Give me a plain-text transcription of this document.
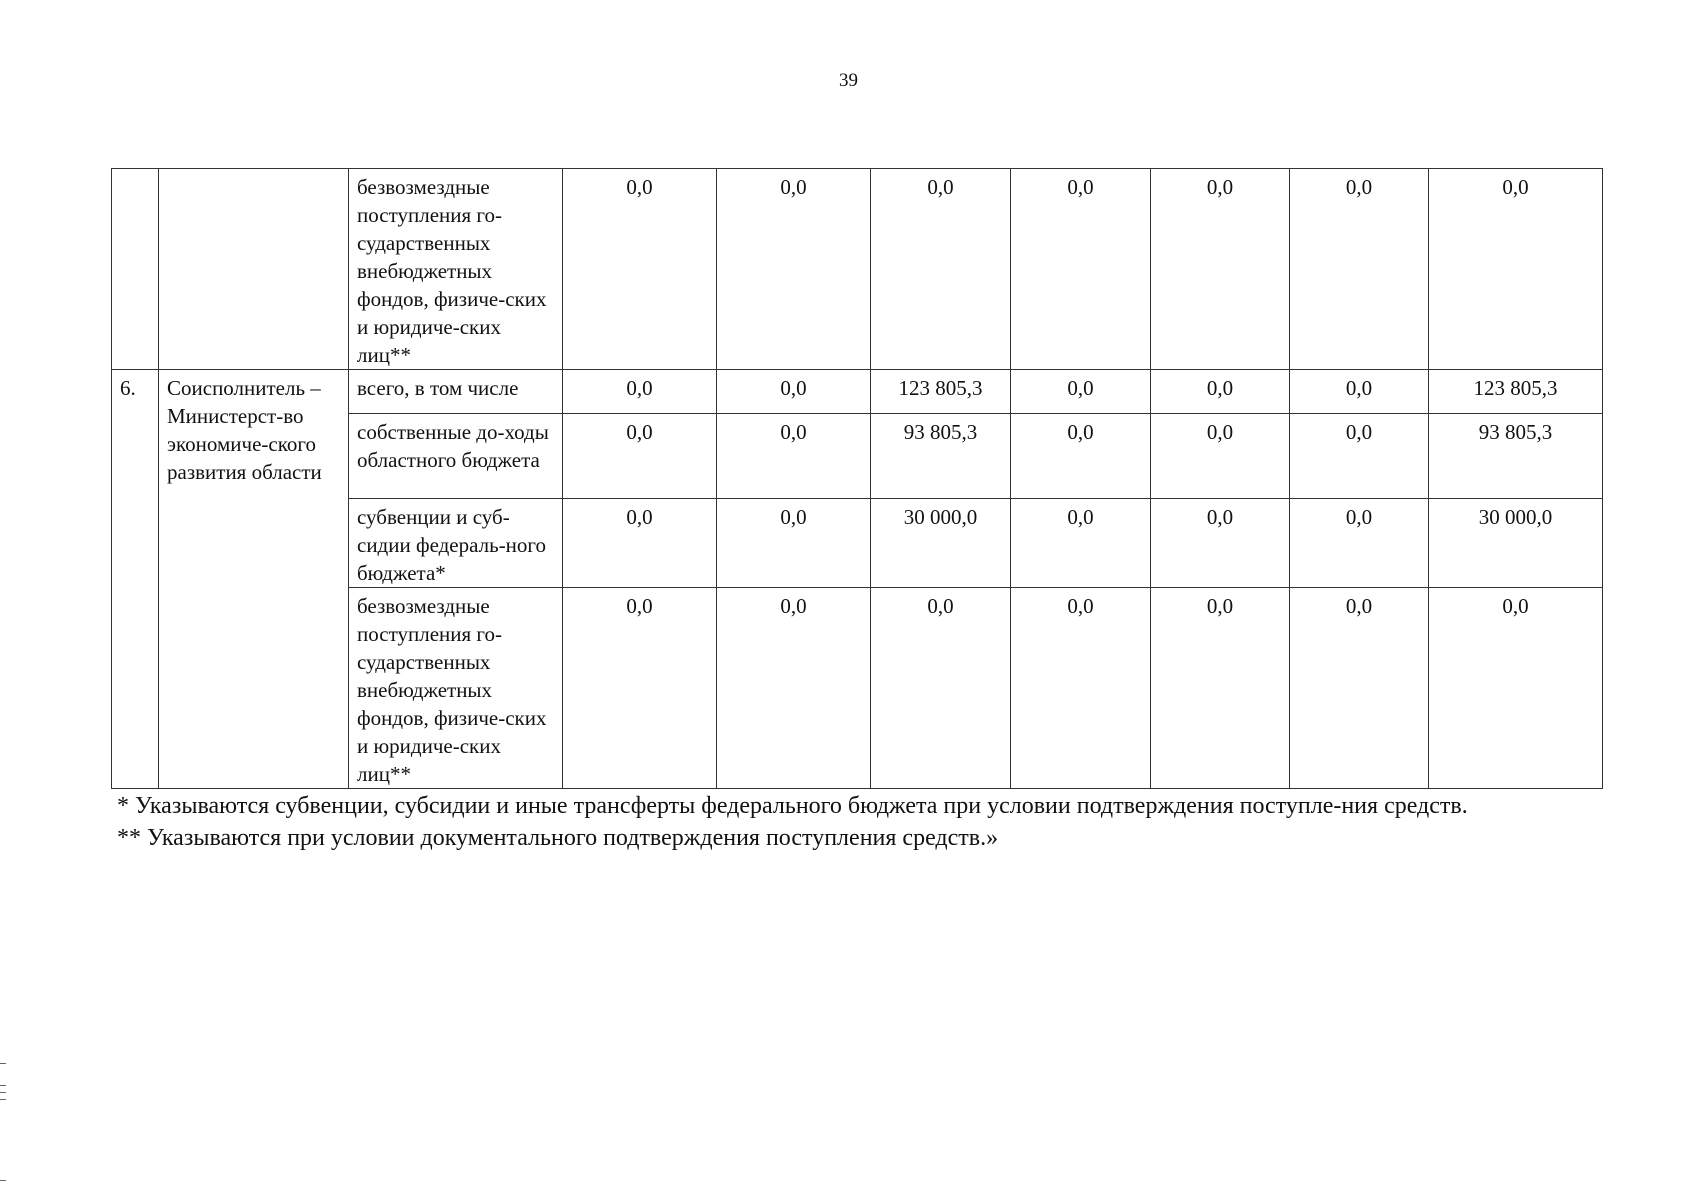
39
		безвозмездные поступления го-сударственных внебюджетных фондов, физиче-ских и юридиче-ских лиц**	0,0	0,0	0,0	0,0	0,0	0,0	0,0
6.	Соисполнитель – Министерст-во экономиче-ского развития области	всего, в том числе	0,0	0,0	123 805,3	0,0	0,0	0,0	123 805,3
		собственные до-ходы областного бюджета	0,0	0,0	93 805,3	0,0	0,0	0,0	93 805,3
		субвенции и суб-сидии федераль-ного бюджета*	0,0	0,0	30 000,0	0,0	0,0	0,0	30 000,0
		безвозмездные поступления го-сударственных внебюджетных фондов, физиче-ских и юридиче-ских лиц**	0,0	0,0	0,0	0,0	0,0	0,0	0,0
* Указываются субвенции, субсидии и иные трансферты федерального бюджета при условии подтверждения поступле-ния средств.
** Указываются при условии документального подтверждения поступления средств.»
